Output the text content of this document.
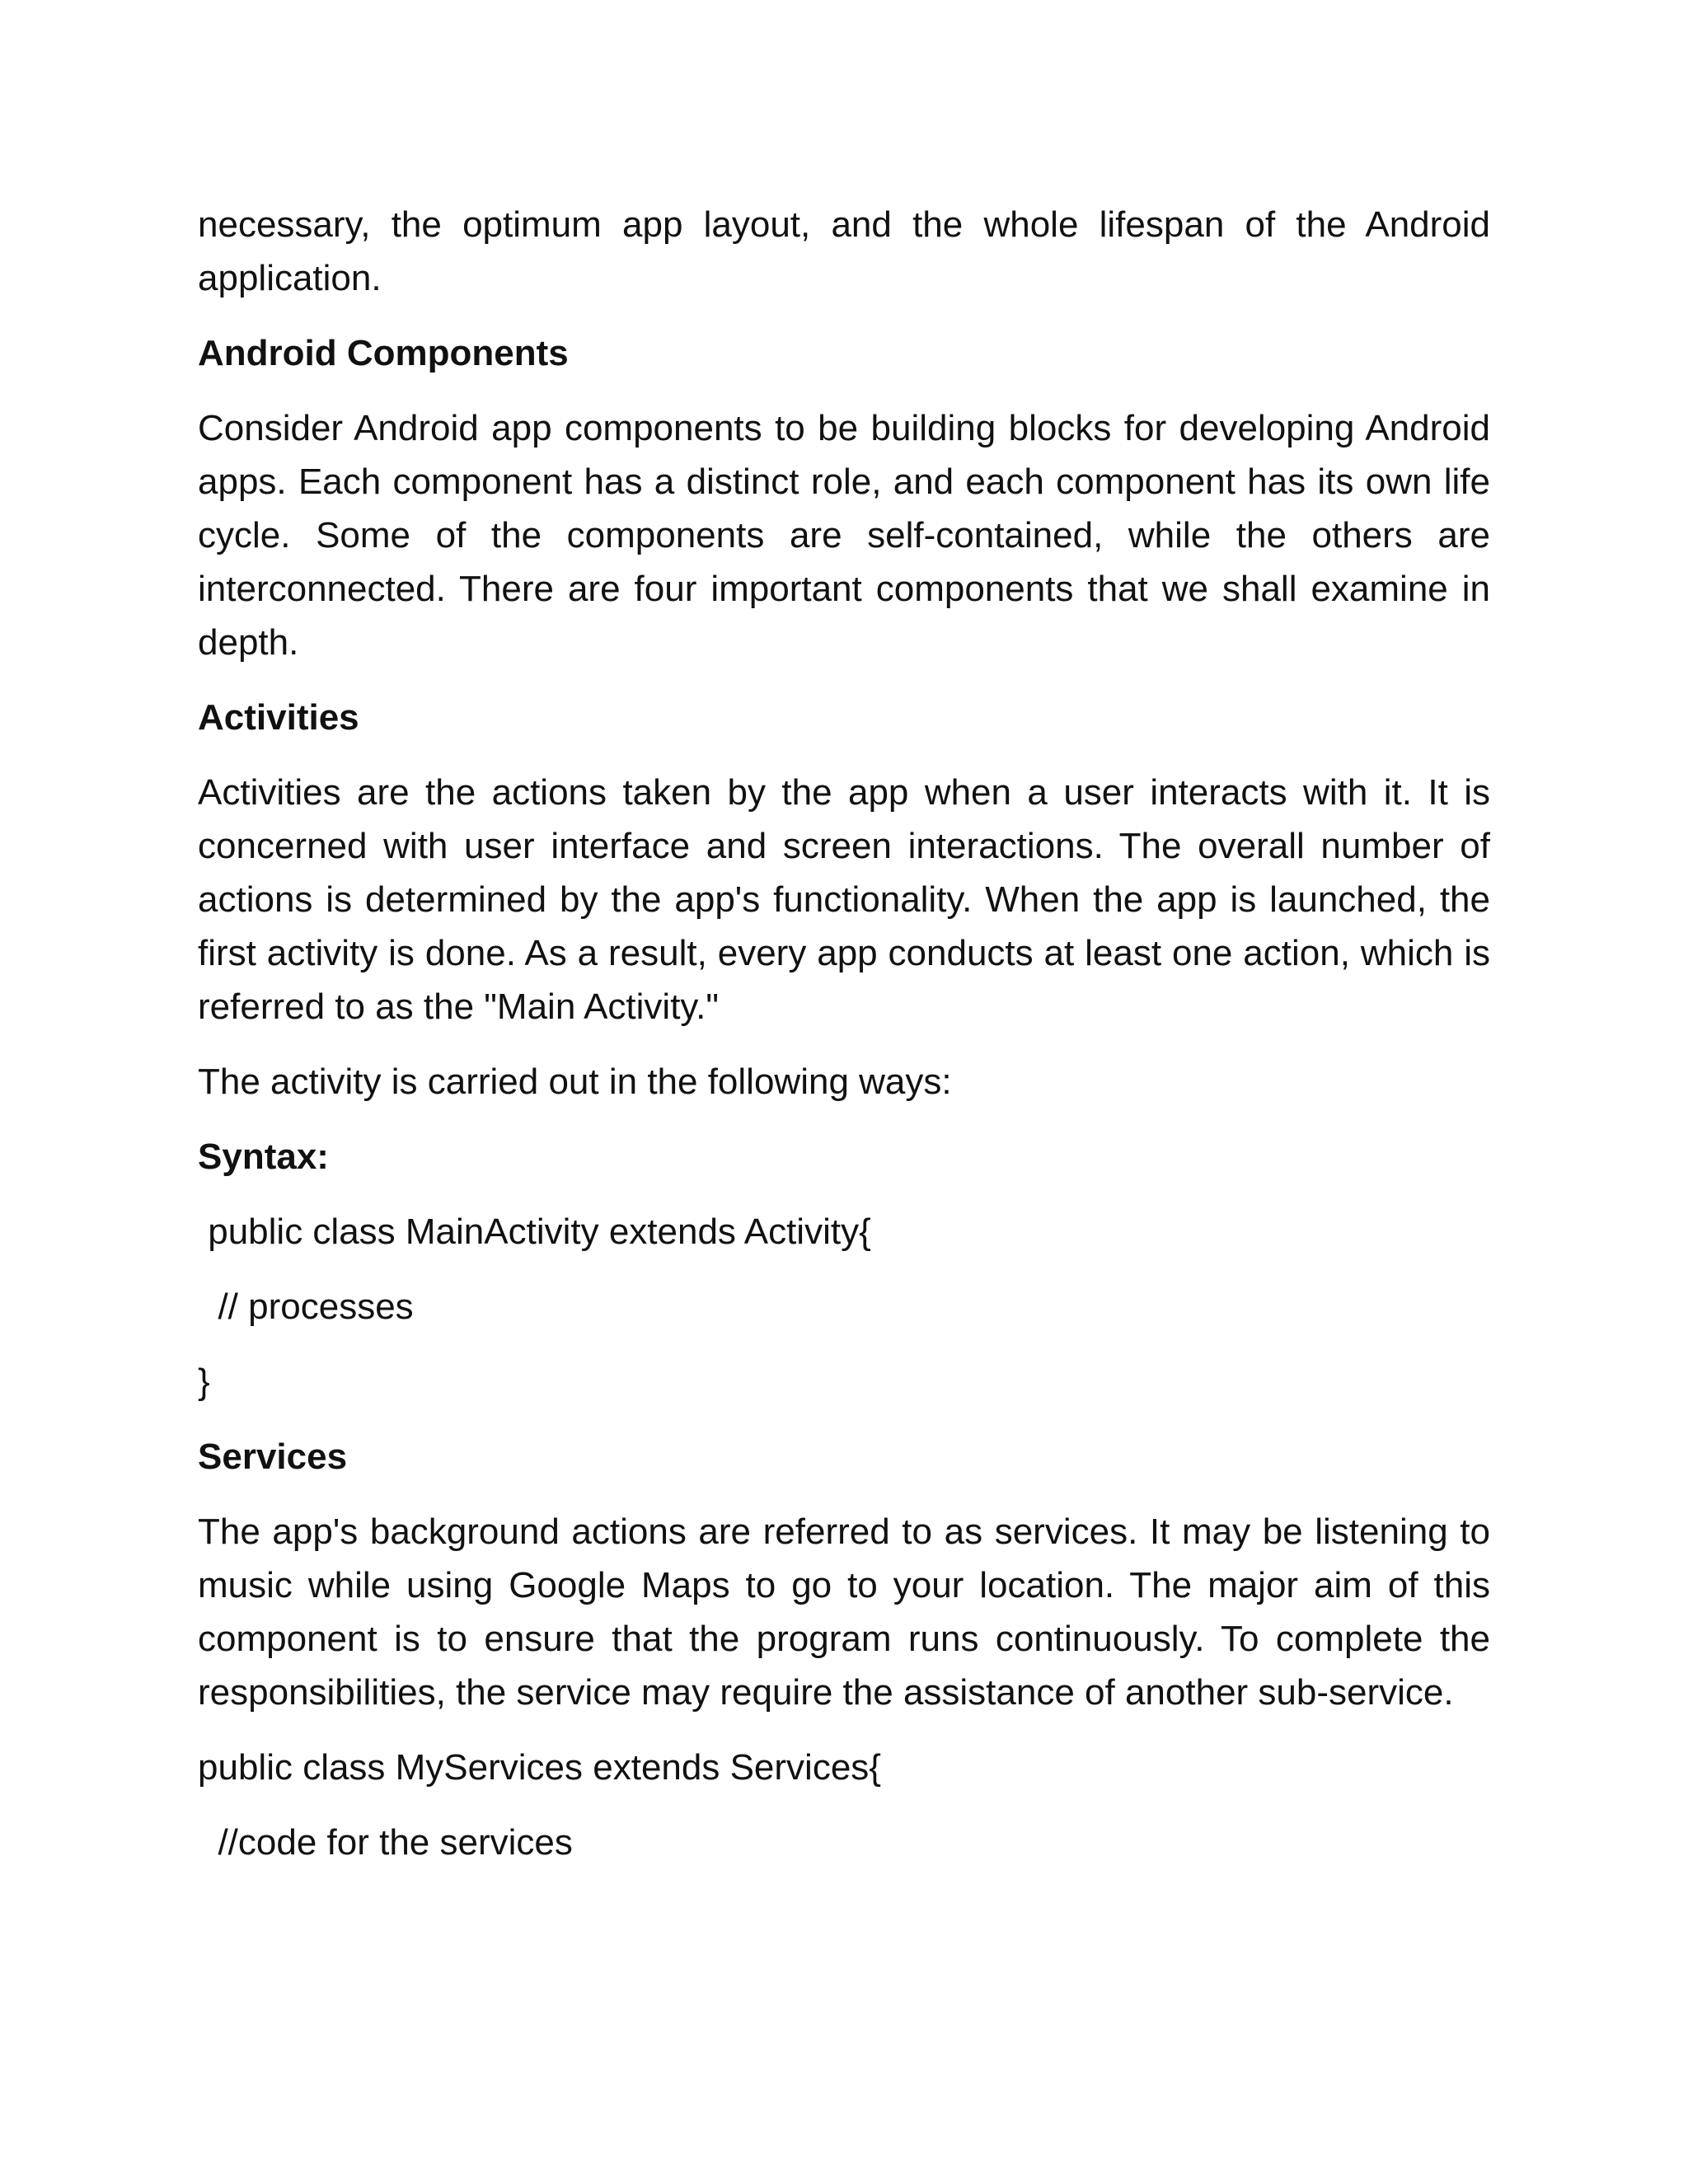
necessary, the optimum app layout, and the whole lifespan of the Android application.

Android Components

Consider Android app components to be building blocks for developing Android apps. Each component has a distinct role, and each component has its own life cycle. Some of the components are self-contained, while the others are interconnected. There are four important components that we shall examine in depth.

Activities

Activities are the actions taken by the app when a user interacts with it. It is concerned with user interface and screen interactions. The overall number of actions is determined by the app's functionality. When the app is launched, the first activity is done. As a result, every app conducts at least one action, which is referred to as the "Main Activity."

The activity is carried out in the following ways:

Syntax:
public class MainActivity extends Activity{
// processes
}
Services

The app's background actions are referred to as services. It may be listening to music while using Google Maps to go to your location. The major aim of this component is to ensure that the program runs continuously. To complete the responsibilities, the service may require the assistance of another sub-service.

public class MyServices extends Services{
//code for the services
